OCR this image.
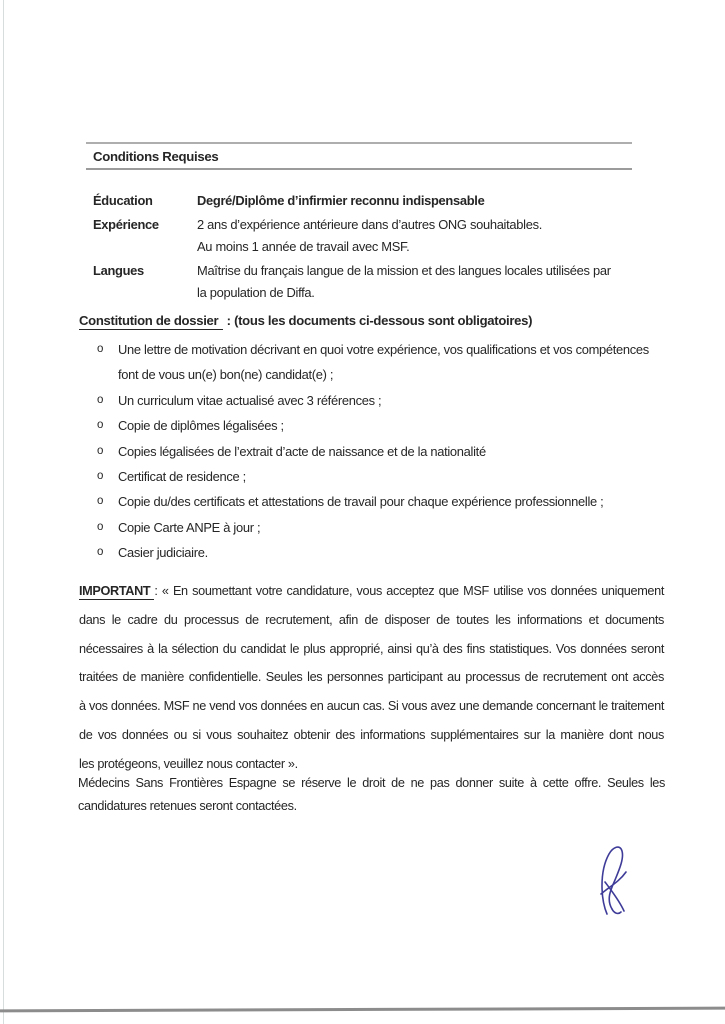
Conditions Requises
Éducation	Degré/Diplôme d’infirmier reconnu indispensable
Expérience	2 ans d’expérience antérieure dans d’autres ONG souhaitables.
Au moins 1 année de travail avec MSF.
Langues	Maîtrise du français langue de la mission et des langues locales utilisées par
la population de Diffa.
Constitution de dossier : (tous les documents ci-dessous sont obligatoires)
o	Une lettre de motivation décrivant en quoi votre expérience, vos qualifications et vos compétences
font de vous un(e) bon(ne) candidat(e) ;
o	Un curriculum vitae actualisé avec 3 références ;
o	Copie de diplômes légalisées ;
o	Copies légalisées de l’extrait d’acte de naissance et de la nationalité
o	Certificat de residence ;
o	Copie du/des certificats et attestations de travail pour chaque expérience professionnelle ;
o	Copie Carte ANPE à jour ;
o	Casier judiciaire.
IMPORTANT : « En soumettant votre candidature, vous acceptez que MSF utilise vos données uniquement
dans le cadre du processus de recrutement, afin de disposer de toutes les informations et documents
nécessaires à la sélection du candidat le plus approprié, ainsi qu’à des fins statistiques. Vos données seront
traitées de manière confidentielle. Seules les personnes participant au processus de recrutement ont accès
à vos données. MSF ne vend vos données en aucun cas. Si vous avez une demande concernant le traitement
de vos données ou si vous souhaitez obtenir des informations supplémentaires sur la manière dont nous
les protégeons, veuillez nous contacter ».
Médecins Sans Frontières Espagne se réserve le droit de ne pas donner suite à cette offre. Seules les
candidatures retenues seront contactées.
